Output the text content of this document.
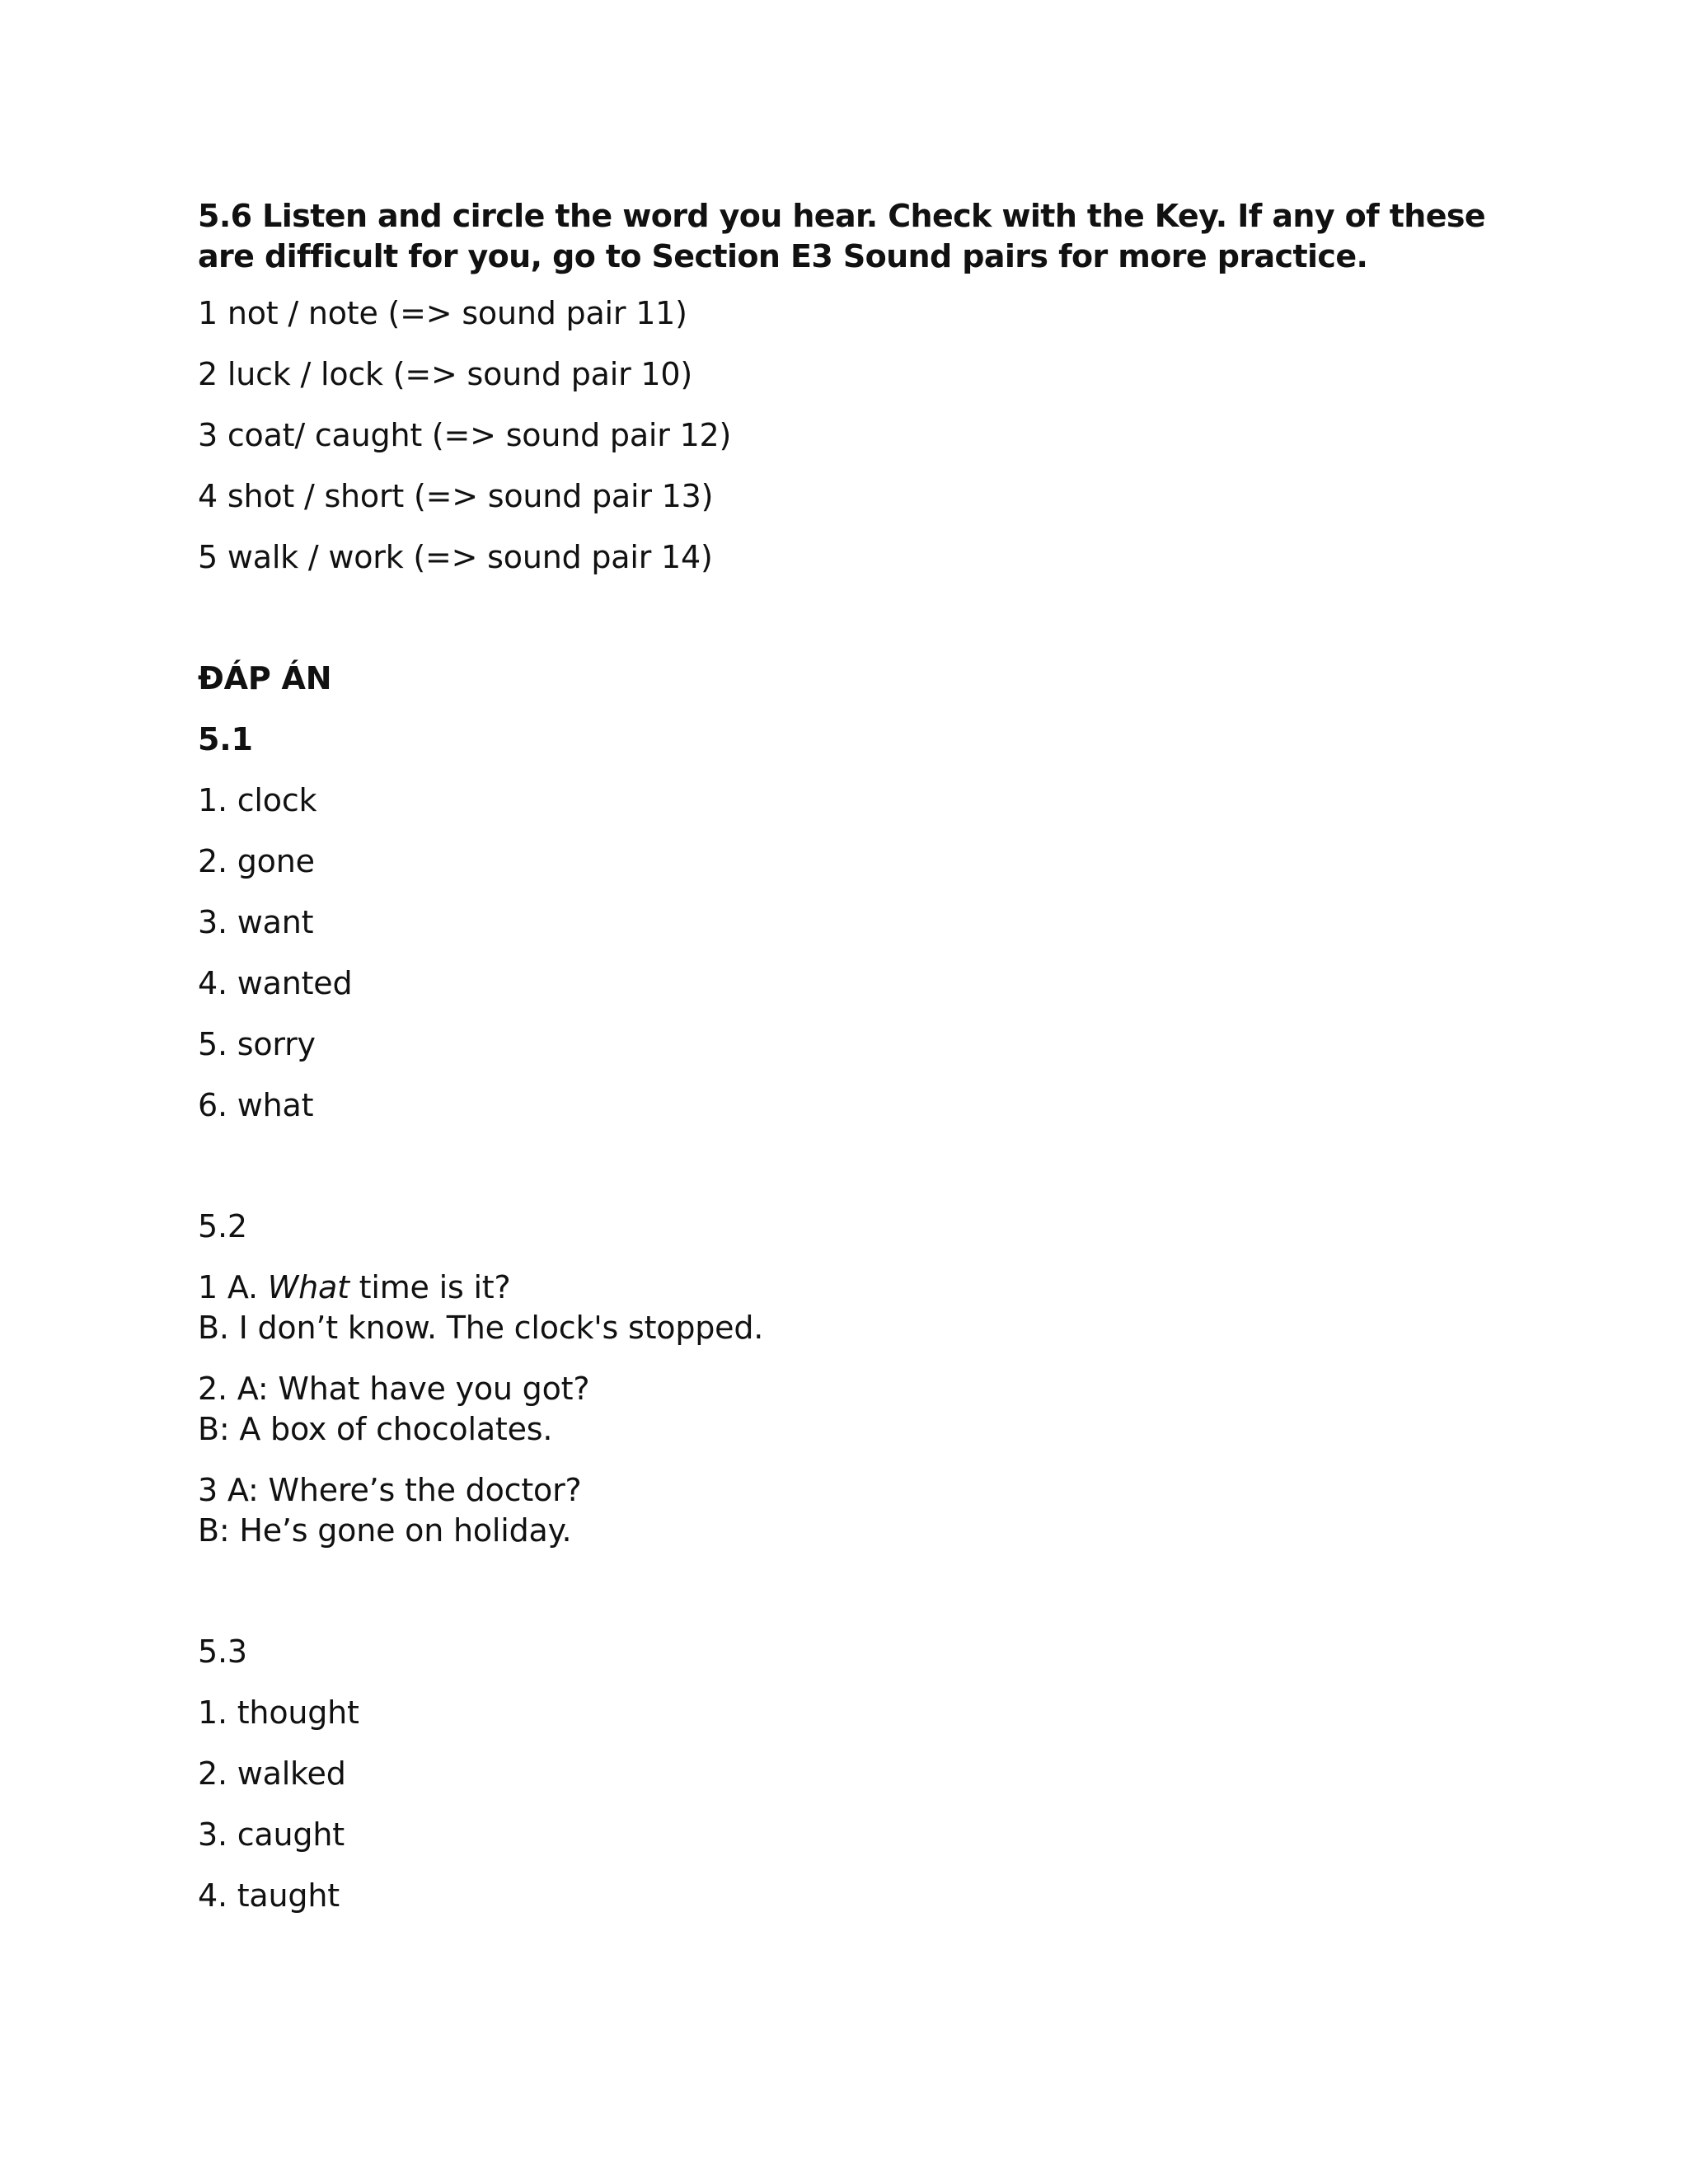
5.6 Listen and circle the word you hear. Check with the Key. If any of these are difficult for you, go to Section E3 Sound pairs for more practice.

1 not / note (=> sound pair 11)

2 luck / lock (=> sound pair 10)

3 coat/ caught (=> sound pair 12)

4 shot / short (=> sound pair 13)

5 walk / work (=> sound pair 14)

ĐÁP ÁN

5.1

1. clock

2. gone

3. want

4. wanted

5. sorry

6. what

5.2

1 A. What time is it?
B. I don’t know. The clock's stopped.
2. A: What have you got?
B: A box of chocolates.
3 A: Where’s the doctor?
B: He’s gone on holiday.

5.3

1. thought

2. walked

3. caught

4. taught
